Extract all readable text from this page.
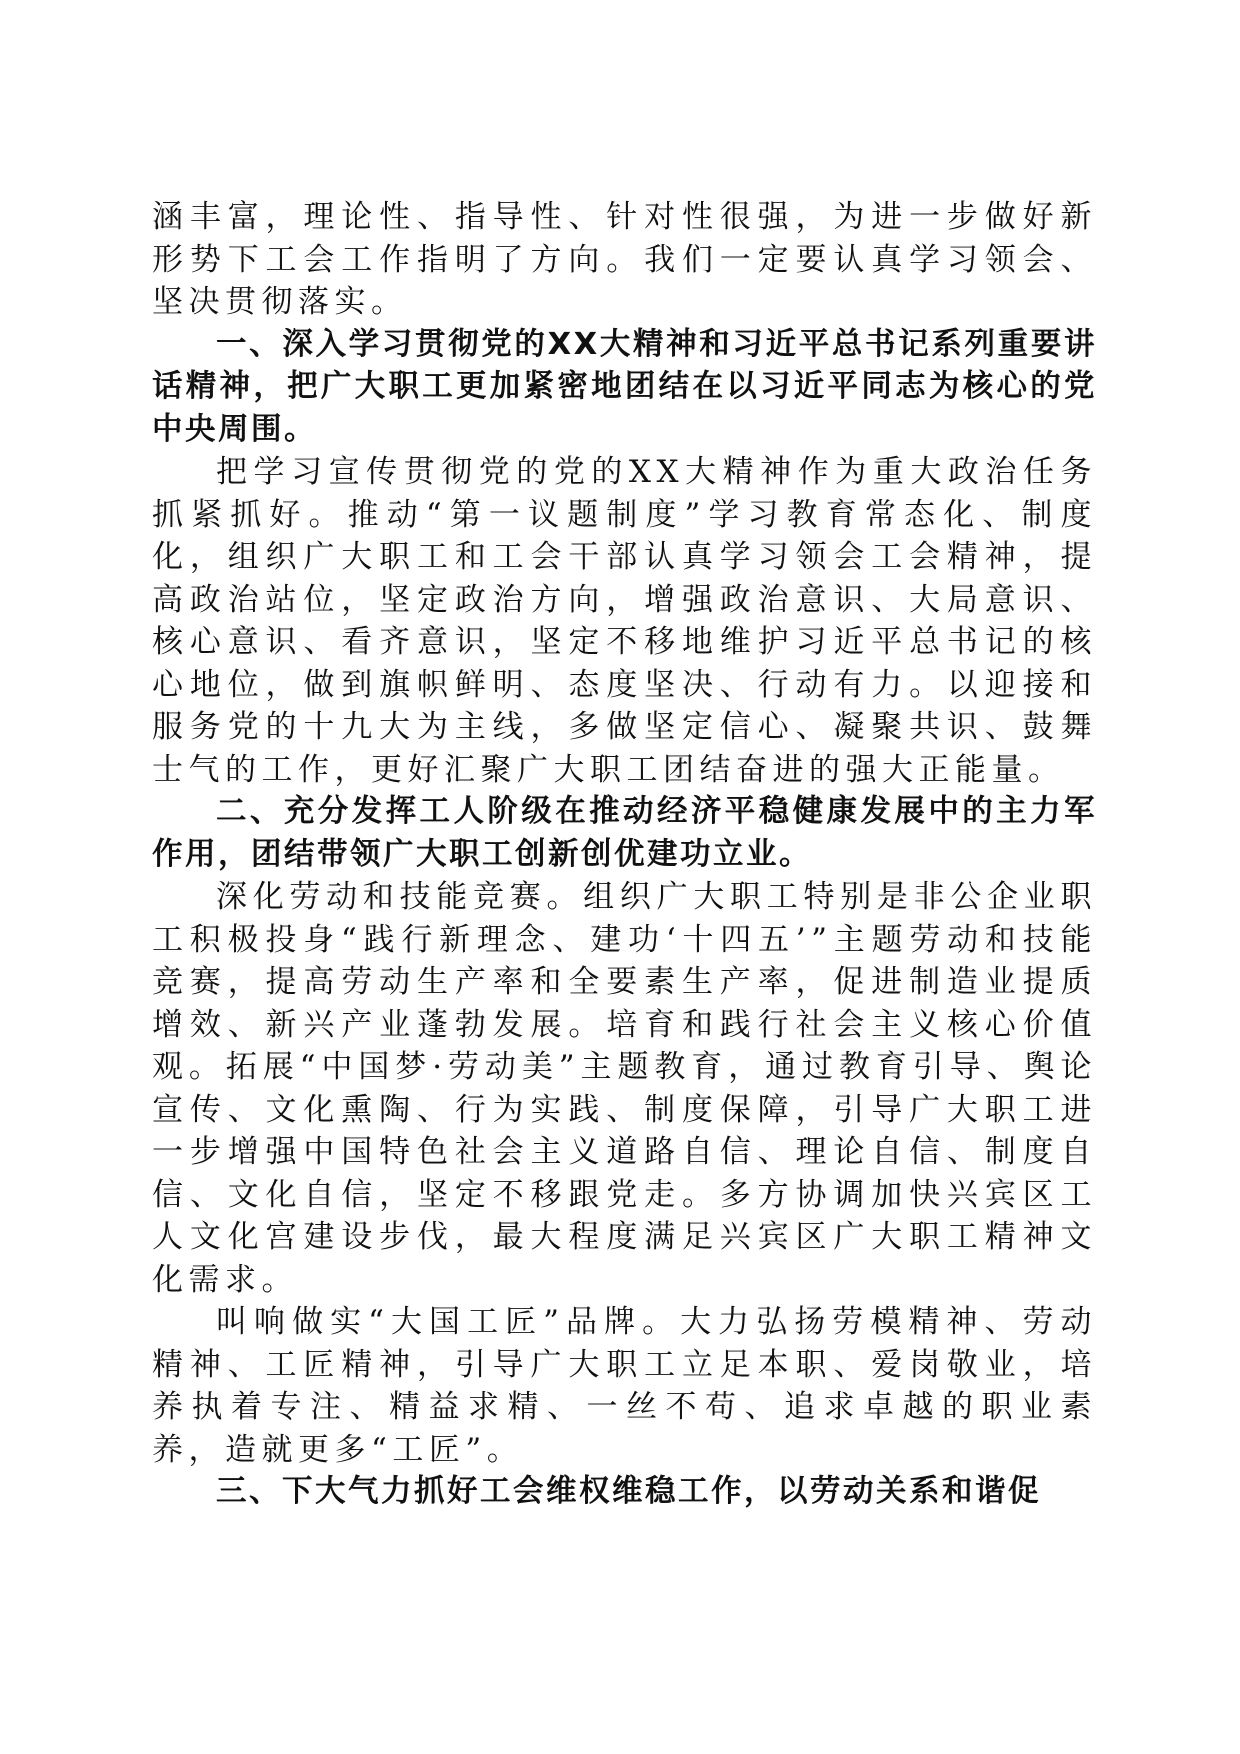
涵丰富，理论性、指导性、针对性很强，为进一步做好新形势下工会工作指明了方向。我们一定要认真学习领会、坚决贯彻落实。

一、深入学习贯彻党的XX大精神和习近平总书记系列重要讲话精神，把广大职工更加紧密地团结在以习近平同志为核心的党中央周围。

把学习宣传贯彻党的党的XX大精神作为重大政治任务抓紧抓好。推动“第一议题制度”学习教育常态化、制度化，组织广大职工和工会干部认真学习领会工会精神，提高政治站位，坚定政治方向，增强政治意识、大局意识、核心意识、看齐意识，坚定不移地维护习近平总书记的核心地位，做到旗帜鲜明、态度坚决、行动有力。以迎接和服务党的十九大为主线，多做坚定信心、凝聚共识、鼓舞士气的工作，更好汇聚广大职工团结奋进的强大正能量。

二、充分发挥工人阶级在推动经济平稳健康发展中的主力军作用，团结带领广大职工创新创优建功立业。

深化劳动和技能竞赛。组织广大职工特别是非公企业职工积极投身“践行新理念、建功‘十四五’”主题劳动和技能竞赛，提高劳动生产率和全要素生产率，促进制造业提质增效、新兴产业蓬勃发展。培育和践行社会主义核心价值观。拓展“中国梦·劳动美”主题教育，通过教育引导、舆论宣传、文化熏陶、行为实践、制度保障，引导广大职工进一步增强中国特色社会主义道路自信、理论自信、制度自信、文化自信，坚定不移跟党走。多方协调加快兴宾区工人文化宫建设步伐，最大程度满足兴宾区广大职工精神文化需求。

叫响做实“大国工匠”品牌。大力弘扬劳模精神、劳动精神、工匠精神，引导广大职工立足本职、爱岗敬业，培养执着专注、精益求精、一丝不苟、追求卓越的职业素养，造就更多“工匠”。

三、下大气力抓好工会维权维稳工作，以劳动关系和谐促
